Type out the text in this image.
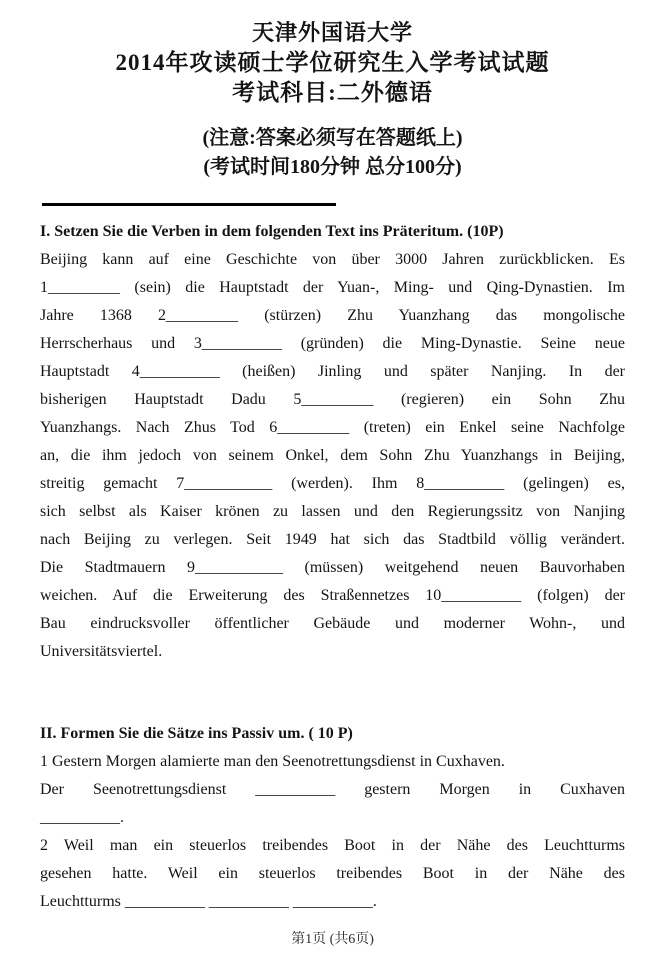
天津外国语大学
2014年攻读硕士学位研究生入学考试试题
考试科目:二外德语
(注意:答案必须写在答题纸上)
(考试时间180分钟 总分100分)
I. Setzen Sie die Verben in dem folgenden Text ins Präteritum. (10P)
Beijing kann auf eine Geschichte von über 3000 Jahren zurückblicken. Es
1_________ (sein) die Hauptstadt der Yuan-, Ming- und Qing-Dynastien. Im
Jahre 1368 2_________ (stürzen) Zhu Yuanzhang das mongolische
Herrscherhaus und 3__________ (gründen) die Ming-Dynastie. Seine neue
Hauptstadt 4__________ (heißen) Jinling und später Nanjing. In der
bisherigen Hauptstadt Dadu 5_________ (regieren) ein Sohn Zhu
Yuanzhangs. Nach Zhus Tod 6_________ (treten) ein Enkel seine Nachfolge
an, die ihm jedoch von seinem Onkel, dem Sohn Zhu Yuanzhangs in Beijing,
streitig gemacht 7___________ (werden). Ihm 8__________ (gelingen) es,
sich selbst als Kaiser krönen zu lassen und den Regierungssitz von Nanjing
nach Beijing zu verlegen. Seit 1949 hat sich das Stadtbild völlig verändert.
Die Stadtmauern 9___________ (müssen) weitgehend neuen Bauvorhaben
weichen. Auf die Erweiterung des Straßennetzes 10__________ (folgen) der
Bau eindrucksvoller öffentlicher Gebäude und moderner Wohn-, und
Universitätsviertel.
II. Formen Sie die Sätze ins Passiv um. ( 10 P)
1 Gestern Morgen alamierte man den Seenotrettungsdienst in Cuxhaven.
Der Seenotrettungsdienst __________ gestern Morgen in Cuxhaven
__________.
2 Weil man ein steuerlos treibendes Boot in der Nähe des Leuchtturms
gesehen hatte. Weil ein steuerlos treibendes Boot in der Nähe des
Leuchtturms __________ __________ __________.
第1页 (共6页)
